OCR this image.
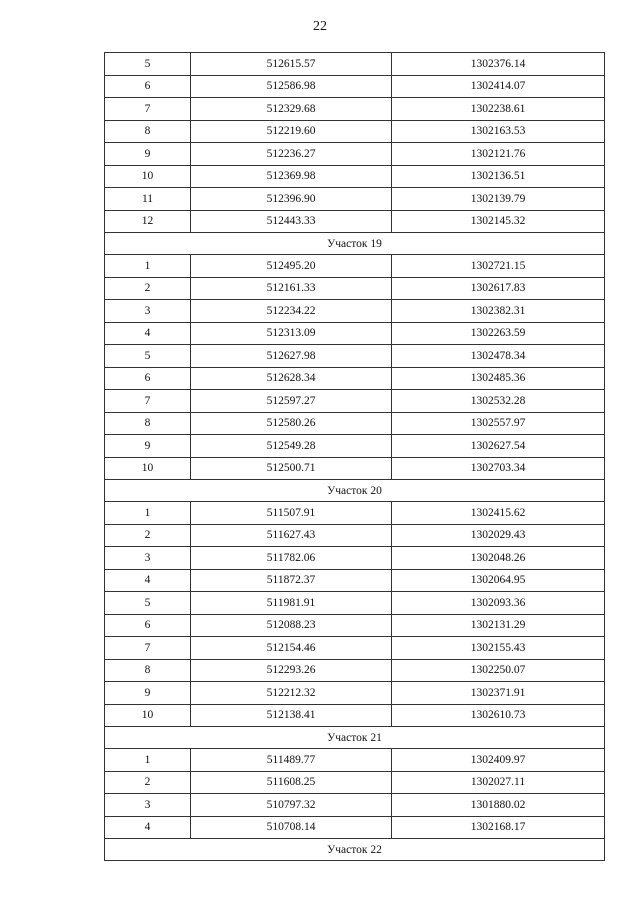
22
5	512615.57	1302376.14
6	512586.98	1302414.07
7	512329.68	1302238.61
8	512219.60	1302163.53
9	512236.27	1302121.76
10	512369.98	1302136.51
11	512396.90	1302139.79
12	512443.33	1302145.32
Участок 19		
1	512495.20	1302721.15
2	512161.33	1302617.83
3	512234.22	1302382.31
4	512313.09	1302263.59
5	512627.98	1302478.34
6	512628.34	1302485.36
7	512597.27	1302532.28
8	512580.26	1302557.97
9	512549.28	1302627.54
10	512500.71	1302703.34
Участок 20		
1	511507.91	1302415.62
2	511627.43	1302029.43
3	511782.06	1302048.26
4	511872.37	1302064.95
5	511981.91	1302093.36
6	512088.23	1302131.29
7	512154.46	1302155.43
8	512293.26	1302250.07
9	512212.32	1302371.91
10	512138.41	1302610.73
Участок 21		
1	511489.77	1302409.97
2	511608.25	1302027.11
3	510797.32	1301880.02
4	510708.14	1302168.17
Участок 22		
